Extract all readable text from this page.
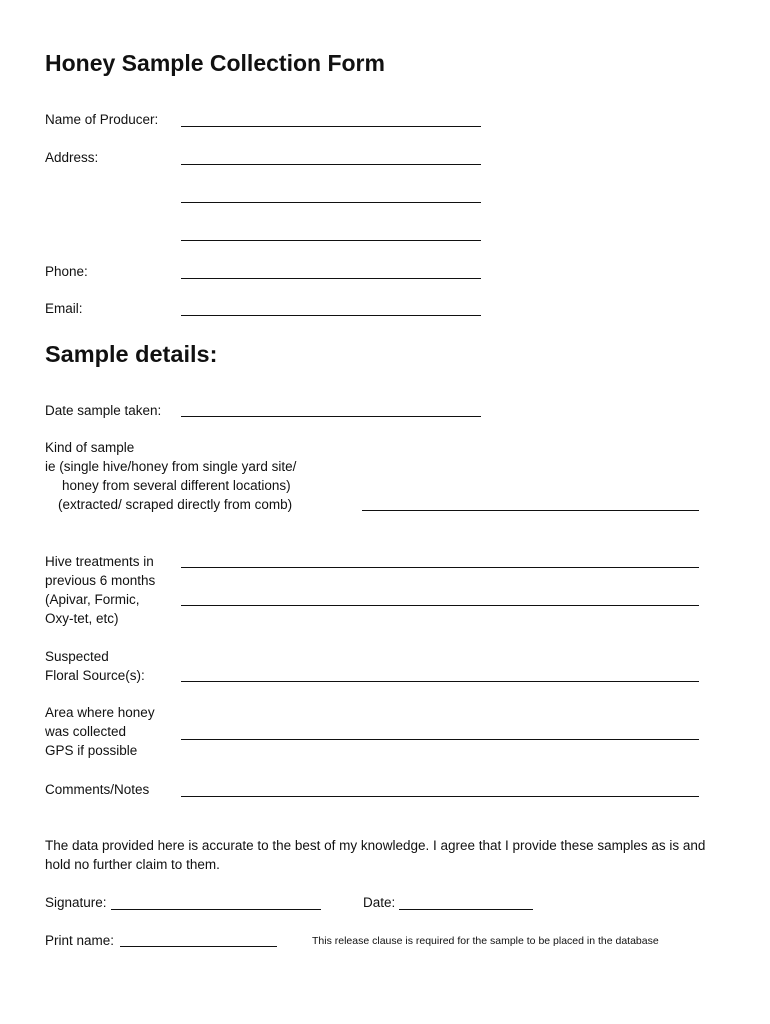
Honey Sample Collection Form
Name of Producer:
Address:
Phone:
Email:
Sample details:
Date sample taken:
Kind of sample
ie (single hive/honey from single yard site/
honey from several different locations)
(extracted/ scraped directly from comb)
Hive treatments in
previous 6 months
(Apivar, Formic,
Oxy-tet, etc)
Suspected
Floral Source(s):
Area where honey
was collected
GPS if possible
Comments/Notes
The data provided here is accurate to the best of my knowledge. I agree that I provide these samples as is and
hold no further claim to them.
Signature:	Date:
Print name:	This release clause is required for the sample to be placed in the database
